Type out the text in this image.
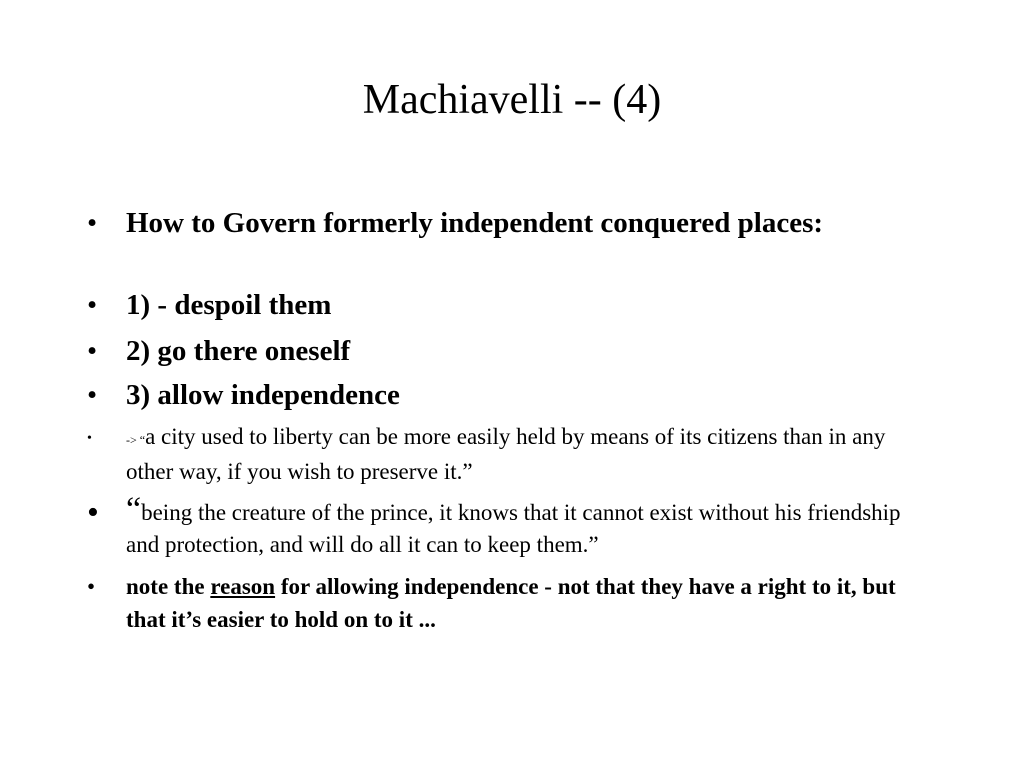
Machiavelli -- (4)
• How to Govern formerly independent conquered places:
• 1) - despoil them
• 2) go there oneself
• 3) allow independence
•	-> “a city used to liberty can be more easily held by means of its citizens than in any other way, if you wish to preserve it.”
• “being the creature of the prince, it knows that it cannot exist without his friendship and protection, and will do all it can to keep them.”
• note the reason for allowing independence - not that they have a right to it, but that it’s easier to hold on to it ...
